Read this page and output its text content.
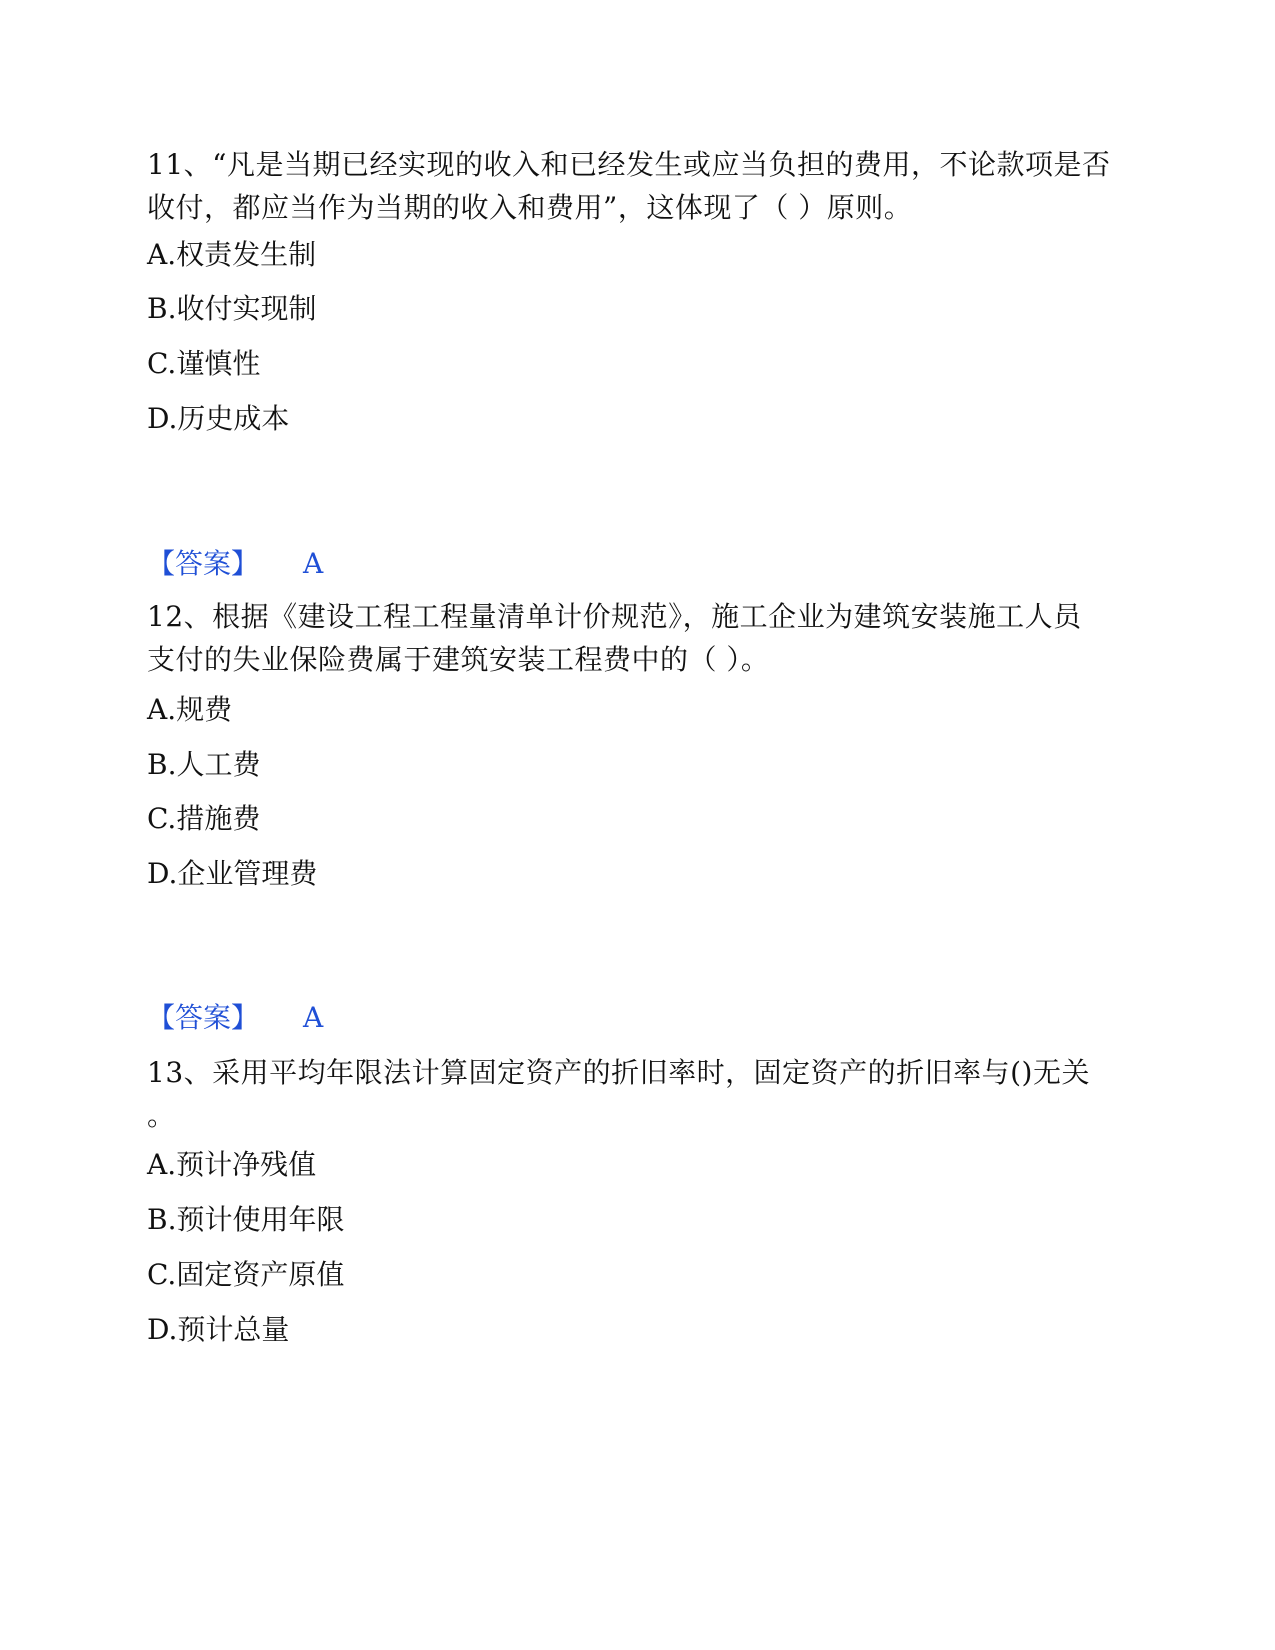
11、“凡是当期已经实现的收入和已经发生或应当负担的费用，不论款项是否
收付，都应当作为当期的收入和费用”，这体现了（ ）原则。
A.权责发生制
B.收付实现制
C.谨慎性
D.历史成本
【答案】 A
12、根据《建设工程工程量清单计价规范》，施工企业为建筑安装施工人员
支付的失业保险费属于建筑安装工程费中的（ ）。
A.规费
B.人工费
C.措施费
D.企业管理费
【答案】 A
13、采用平均年限法计算固定资产的折旧率时，固定资产的折旧率与()无关
。
A.预计净残值
B.预计使用年限
C.固定资产原值
D.预计总量
